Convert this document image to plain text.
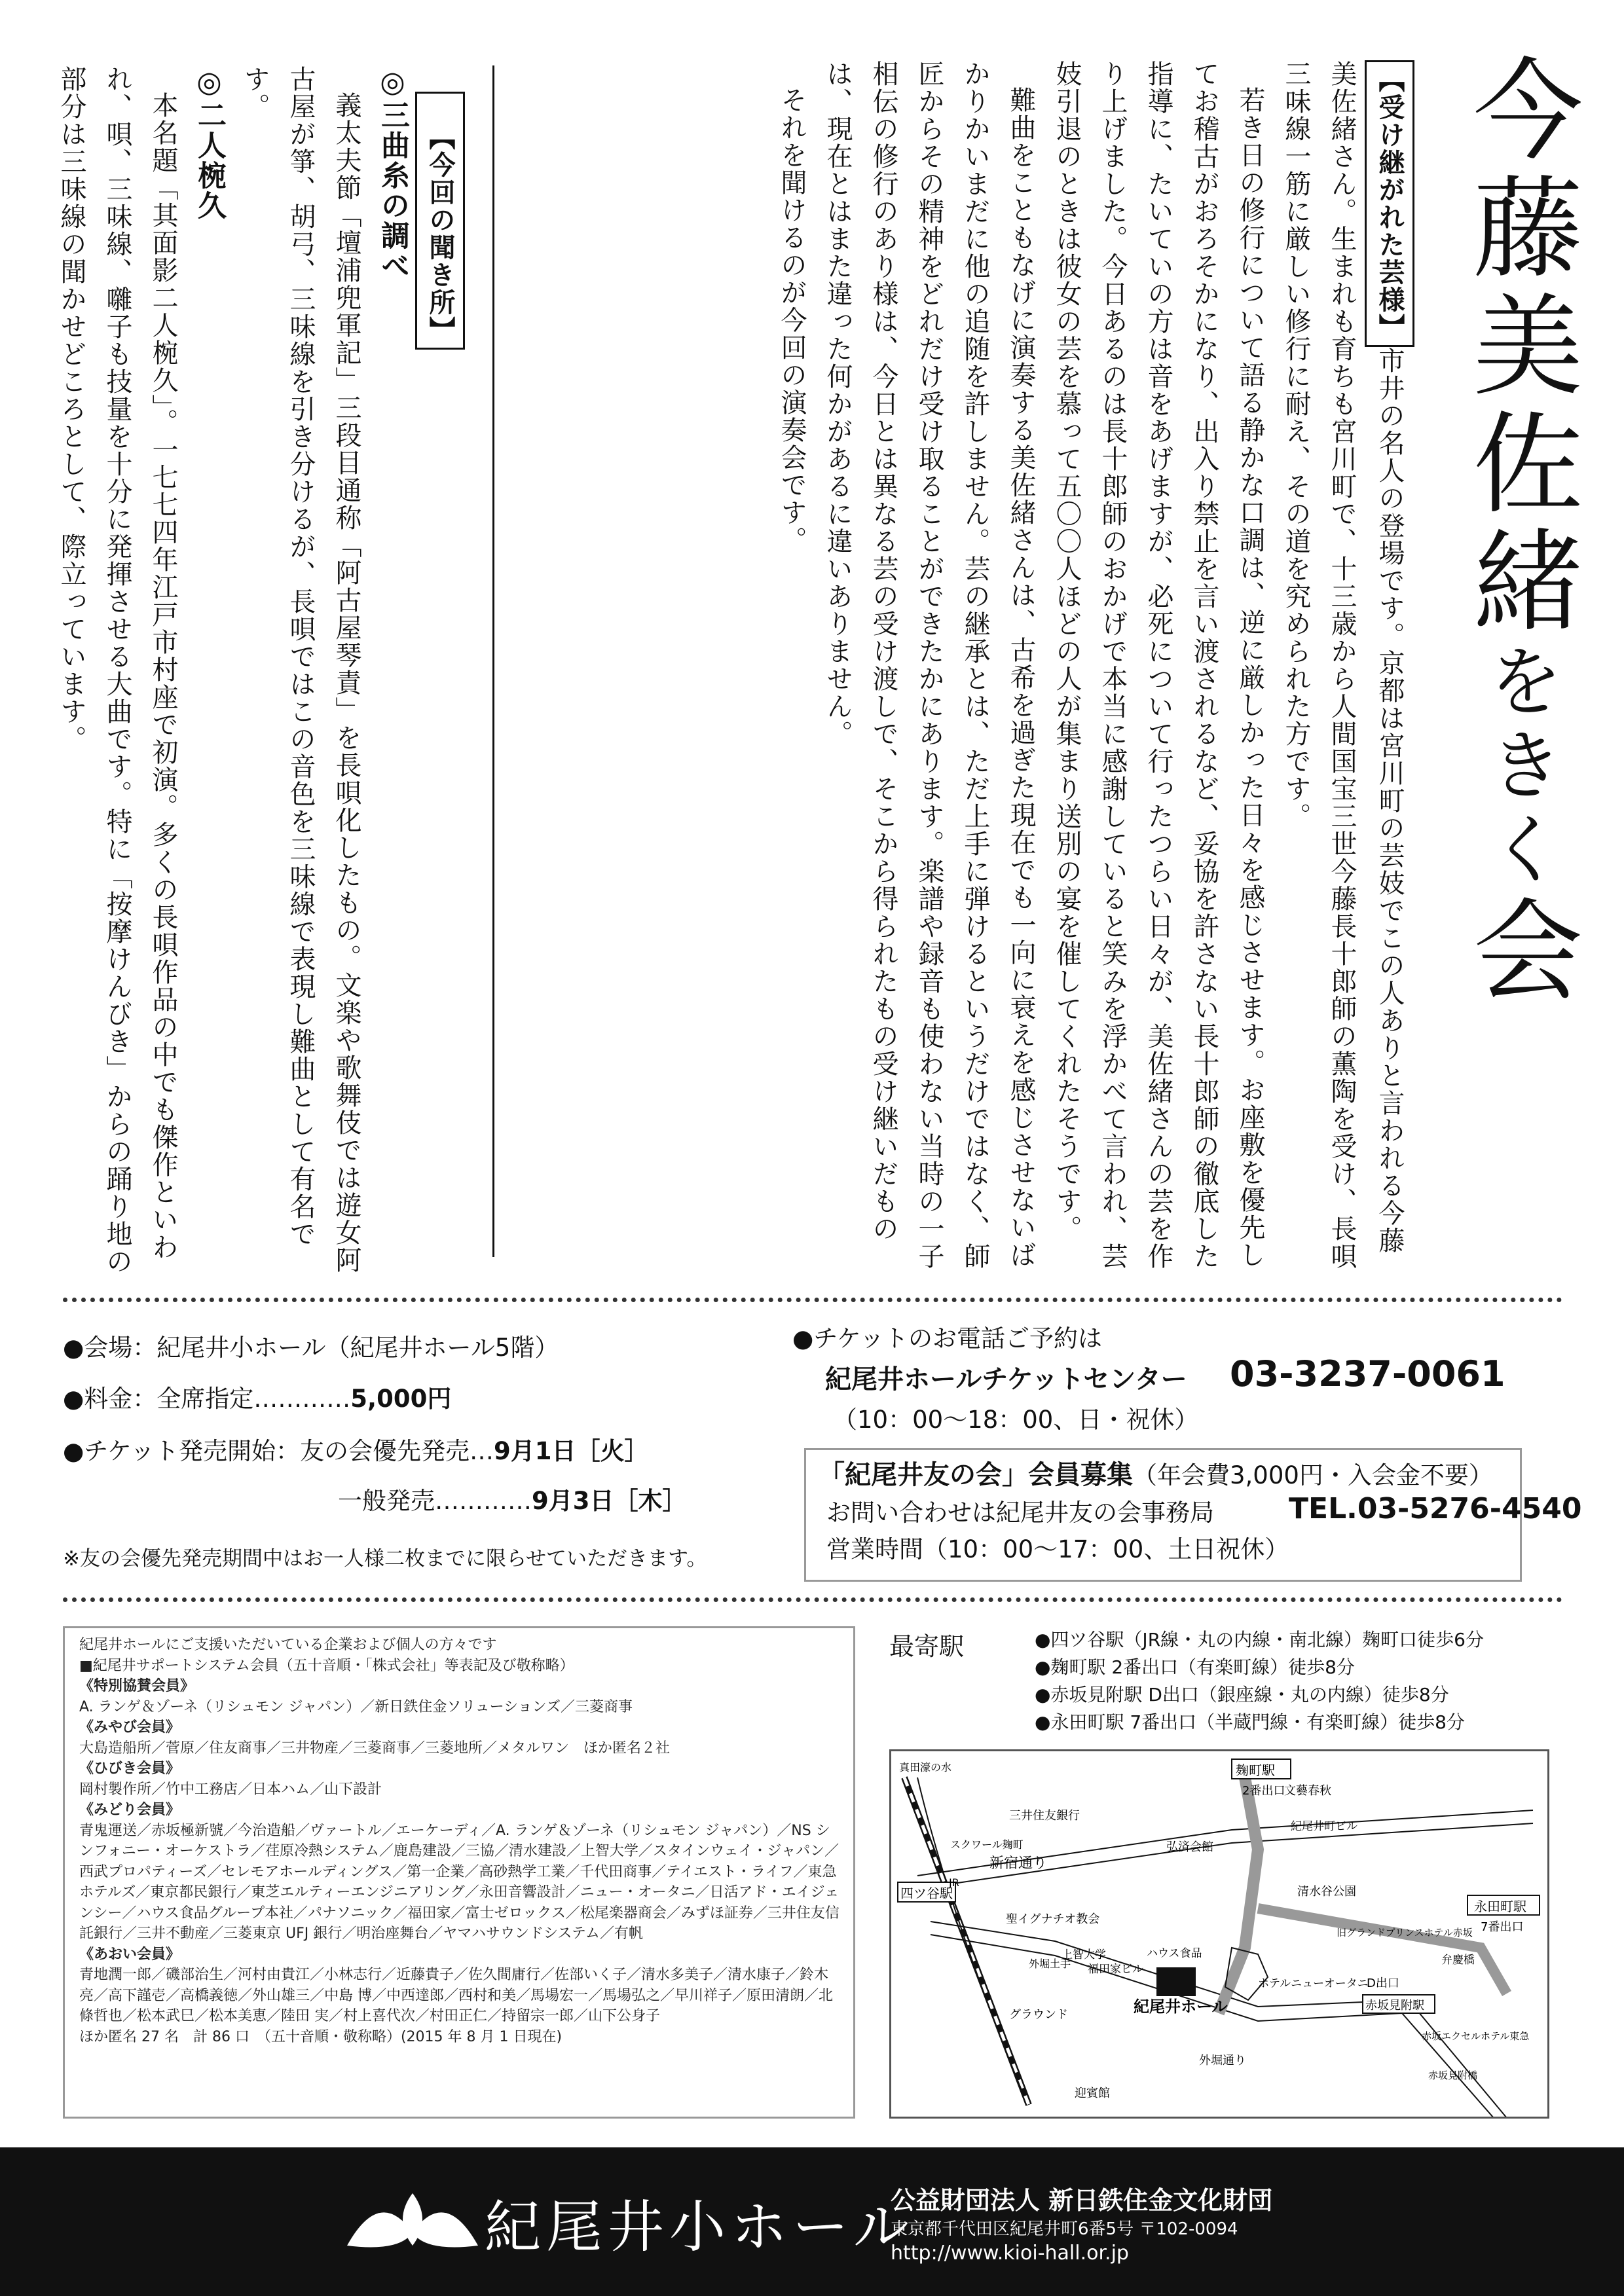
今藤美佐緒をきく会

【受け継がれた芸様】市井の名人の登場です。京都は宮川町の芸妓でこの人ありと言われる今藤美佐緒さん。生まれも育ちも宮川町で、十三歳から人間国宝三世今藤長十郎師の薫陶を受け、長唄三味線一筋に厳しい修行に耐え、その道を究められた方です。

若き日の修行について語る静かな口調は、逆に厳しかった日々を感じさせます。お座敷を優先してお稽古がおろそかになり、出入り禁止を言い渡されるなど、妥協を許さない長十郎師の徹底した指導に、たいていの方は音をあげますが、必死について行ったつらい日々が、美佐緒さんの芸を作り上げました。今日あるのは長十郎師のおかげで本当に感謝していると笑みを浮かべて言われ、芸妓引退のときは彼女の芸を慕って五〇〇人ほどの人が集まり送別の宴を催してくれたそうです。

難曲をこともなげに演奏する美佐緒さんは、古希を過ぎた現在でも一向に衰えを感じさせないばかりかいまだに他の追随を許しません。芸の継承とは、ただ上手に弾けるというだけではなく、師匠からその精神をどれだけ受け取ることができたかにあります。楽譜や録音も使わない当時の一子相伝の修行のあり様は、今日とは異なる芸の受け渡しで、そこから得られたもの受け継いだものは、現在とはまた違った何かがあるに違いありません。

それを聞けるのが今回の演奏会です。

【今回の聞き所】

◎三曲糸の調べ

義太夫節「壇浦兜軍記」三段目通称「阿古屋琴責」を長唄化したもの。文楽や歌舞伎では遊女阿古屋が箏、胡弓、三味線を引き分けるが、長唄ではこの音色を三味線で表現し難曲として有名です。

◎二人椀久

本名題「其面影二人椀久」。一七七四年江戸市村座で初演。多くの長唄作品の中でも傑作といわれ、唄、三味線、囃子も技量を十分に発揮させる大曲です。特に「按摩けんびき」からの踊り地の部分は三味線の聞かせどころとして、際立っています。

●会場：紀尾井小ホール（紀尾井ホール5階）
●料金：全席指定…………5,000円
●チケット発売開始：友の会優先発売…9月1日［火］
一般発売…………9月3日［木］
※友の会優先発売期間中はお一人様二枚までに限らせていただきます。
●チケットのお電話ご予約は
紀尾井ホールチケットセンター 03-3237-0061
（10：00〜18：00、日・祝休）
「紀尾井友の会」会員募集（年会費3,000円・入会金不要）
お問い合わせは紀尾井友の会事務局	TEL.03-5276-4540
営業時間（10：00〜17：00、土日祝休）
紀尾井ホールにご支援いただいている企業および個人の方々です
■紀尾井サポートシステム会員（五十音順・「株式会社」等表記及び敬称略）
《特別協賛会員》
A. ランゲ＆ゾーネ（リシュモン ジャパン）／新日鉄住金ソリューションズ／三菱商事
《みやび会員》
大島造船所／菅原／住友商事／三井物産／三菱商事／三菱地所／メタルワン　ほか匿名２社
《ひびき会員》
岡村製作所／竹中工務店／日本ハム／山下設計
《みどり会員》
青鬼運送／赤坂極新號／今治造船／ヴァートル／エーケーディ／A. ランゲ＆ゾーネ（リシュモン ジャパン）／NS シンフォニー・オーケストラ／荏原冷熱システム／鹿島建設／三協／清水建設／上智大学／スタインウェイ・ジャパン／西武プロパティーズ／セレモアホールディングス／第一企業／高砂熱学工業／千代田商事／テイエスト・ライフ／東急ホテルズ／東京都民銀行／東芝エルティーエンジニアリング／永田音響設計／ニュー・オータニ／日活アド・エイジェンシー／ハウス食品グループ本社／パナソニック／福田家／富士ゼロックス／松尾楽器商会／みずほ証券／三井住友信託銀行／三井不動産／三菱東京 UFJ 銀行／明治座舞台／ヤマハサウンドシステム／有帆
《あおい会員》
青地潤一郎／磯部治生／河村由貴江／小林志行／近藤貴子／佐久間庸行／佐部いく子／清水多美子／清水康子／鈴木 亮／高下謹壱／高橋義徳／外山雄三／中島 博／中西達郎／西村和美／馬場宏一／馬場弘之／早川祥子／原田清朗／北條哲也／松本武巳／松本美恵／陸田 実／村上喜代次／村田正仁／持留宗一郎／山下公身子
ほか匿名 27 名　計 86 口　（五十音順・敬称略）(2015 年 8 月 1 日現在)
最寄駅	●四ツ谷駅（JR線・丸の内線・南北線）麹町口徒歩6分
●麹町駅 2番出口（有楽町線）徒歩8分
●赤坂見附駅 D出口（銀座線・丸の内線）徒歩8分
●永田町駅 7番出口（半蔵門線・有楽町線）徒歩8分
四ツ谷駅
麹町駅
2番出口
永田町駅
7番出口
赤坂見附駅
D出口
紀尾井ホール
新宿通り
外堀通り
外堀土手
真田濠の水
三井住友銀行
スクワール麹町	弘済会館
聖イグナチオ教会
上智大学	ハウス食品
福田家ビル
グラウンド
迎賓館
文藝春秋
紀尾井町ビル
清水谷公園
旧グランドプリンスホテル赤坂
ホテルニューオータニ
弁慶橋
赤坂エクセルホテル東急
赤坂見附橋
JR
紀尾井小ホール
公益財団法人 新日鉄住金文化財団
東京都千代田区紀尾井町6番5号 〒102-0094
http://www.kioi-hall.or.jp
